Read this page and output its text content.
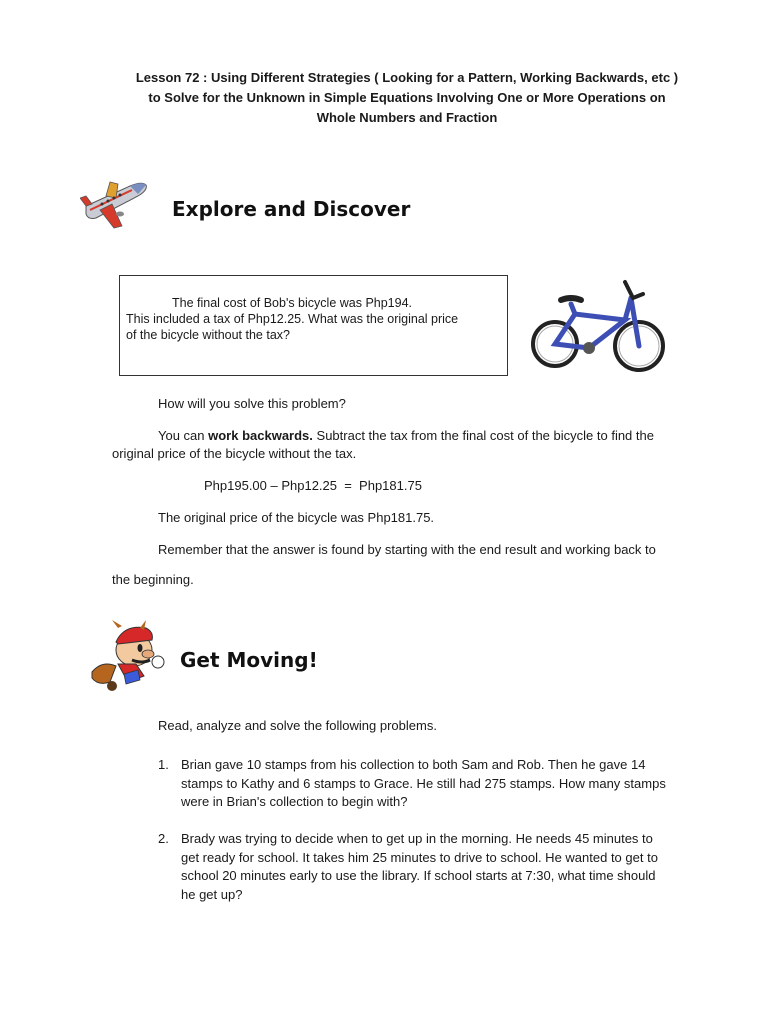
Lesson 72 : Using Different Strategies ( Looking for a Pattern, Working Backwards, etc )
to Solve for the Unknown in Simple Equations Involving One or More Operations on
Whole Numbers and Fraction
Explore and Discover
The final cost of Bob's bicycle was Php194.
This included a tax of Php12.25. What was the original price
of the bicycle without the tax?
How will you solve this problem?
You can work backwards. Subtract the tax from the final cost of the bicycle to find the
original price of the bicycle without the tax.
Php195.00 – Php12.25  =  Php181.75
The original price of the bicycle was Php181.75.
Remember that the answer is found by starting with the end result and working back to
the beginning.
Get Moving!
Read, analyze and solve the following problems.
1. Brian gave 10 stamps from his collection to both Sam and Rob. Then he gave 14
stamps to Kathy and 6 stamps to Grace. He still had 275 stamps. How many stamps
were in Brian's collection to begin with?
2. Brady was trying to decide when to get up in the morning. He needs 45 minutes to
get ready for school. It takes him 25 minutes to drive to school. He wanted to get to
school 20 minutes early to use the library. If school starts at 7:30, what time should
he get up?
